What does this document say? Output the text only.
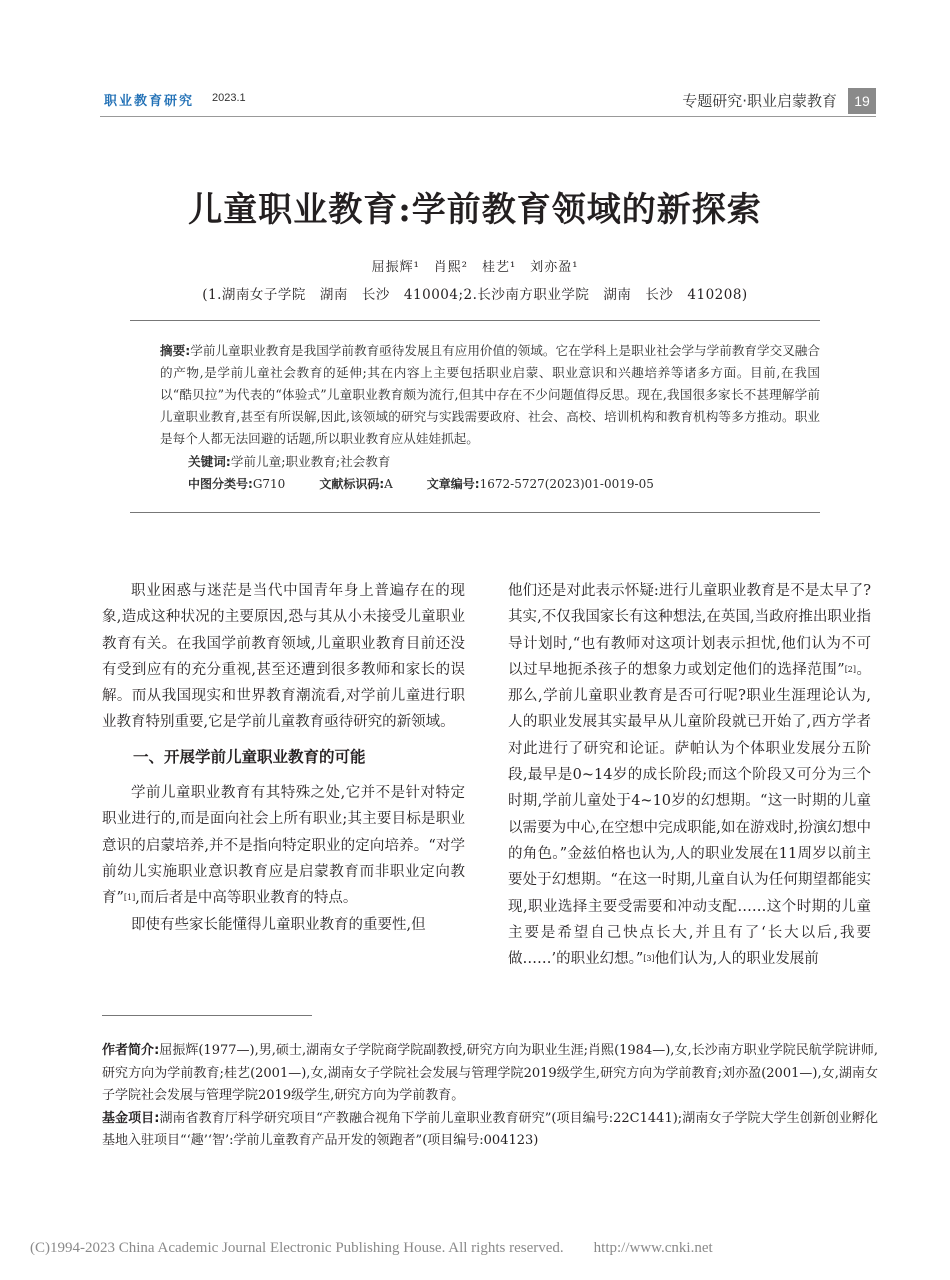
职业教育研究 2023.1	专题研究·职业启蒙教育	19
儿童职业教育:学前教育领域的新探索
屈振辉¹　肖熙²　桂艺¹　刘亦盈¹
(1.湖南女子学院　湖南　长沙　410004;2.长沙南方职业学院　湖南　长沙　410208)
摘要:学前儿童职业教育是我国学前教育亟待发展且有应用价值的领域。它在学科上是职业社会学与学前教育学交叉融合的产物,是学前儿童社会教育的延伸;其在内容上主要包括职业启蒙、职业意识和兴趣培养等诸多方面。目前,在我国以“酷贝拉”为代表的“体验式”儿童职业教育颇为流行,但其中存在不少问题值得反思。现在,我国很多家长不甚理解学前儿童职业教育,甚至有所误解,因此,该领域的研究与实践需要政府、社会、高校、培训机构和教育机构等多方推动。职业是每个人都无法回避的话题,所以职业教育应从娃娃抓起。
关键词:学前儿童;职业教育;社会教育
中图分类号:G710	文献标识码:A	文章编号:1672-5727(2023)01-0019-05

职业困惑与迷茫是当代中国青年身上普遍存在的现象,造成这种状况的主要原因,恐与其从小未接受儿童职业教育有关。在我国学前教育领域,儿童职业教育目前还没有受到应有的充分重视,甚至还遭到很多教师和家长的误解。而从我国现实和世界教育潮流看,对学前儿童进行职业教育特别重要,它是学前儿童教育亟待研究的新领域。

一、开展学前儿童职业教育的可能

学前儿童职业教育有其特殊之处,它并不是针对特定职业进行的,而是面向社会上所有职业;其主要目标是职业意识的启蒙培养,并不是指向特定职业的定向培养。“对学前幼儿实施职业意识教育应是启蒙教育而非职业定向教育”[1],而后者是中高等职业教育的特点。

即使有些家长能懂得儿童职业教育的重要性,但

他们还是对此表示怀疑:进行儿童职业教育是不是太早了?其实,不仅我国家长有这种想法,在英国,当政府推出职业指导计划时,“也有教师对这项计划表示担忧,他们认为不可以过早地扼杀孩子的想象力或划定他们的选择范围”[2]。那么,学前儿童职业教育是否可行呢?职业生涯理论认为,人的职业发展其实最早从儿童阶段就已开始了,西方学者对此进行了研究和论证。萨帕认为个体职业发展分五阶段,最早是0~14岁的成长阶段;而这个阶段又可分为三个时期,学前儿童处于4~10岁的幻想期。“这一时期的儿童以需要为中心,在空想中完成职能,如在游戏时,扮演幻想中的角色。”金兹伯格也认为,人的职业发展在11周岁以前主要处于幻想期。“在这一时期,儿童自认为任何期望都能实现,职业选择主要受需要和冲动支配……这个时期的儿童主要是希望自己快点长大,并且有了‘长大以后,我要做……’的职业幻想。”[3]他们认为,人的职业发展前

作者简介:屈振辉(1977—),男,硕士,湖南女子学院商学院副教授,研究方向为职业生涯;肖熙(1984—),女,长沙南方职业学院民航学院讲师,研究方向为学前教育;桂艺(2001—),女,湖南女子学院社会发展与管理学院2019级学生,研究方向为学前教育;刘亦盈(2001—),女,湖南女子学院社会发展与管理学院2019级学生,研究方向为学前教育。

基金项目:湖南省教育厅科学研究项目“产教融合视角下学前儿童职业教育研究”(项目编号:22C1441);湖南女子学院大学生创新创业孵化基地入驻项目“‘趣’‘智’:学前儿童教育产品开发的领跑者”(项目编号:004123)

(C)1994-2023 China Academic Journal Electronic Publishing House. All rights reserved.　　http://www.cnki.net
